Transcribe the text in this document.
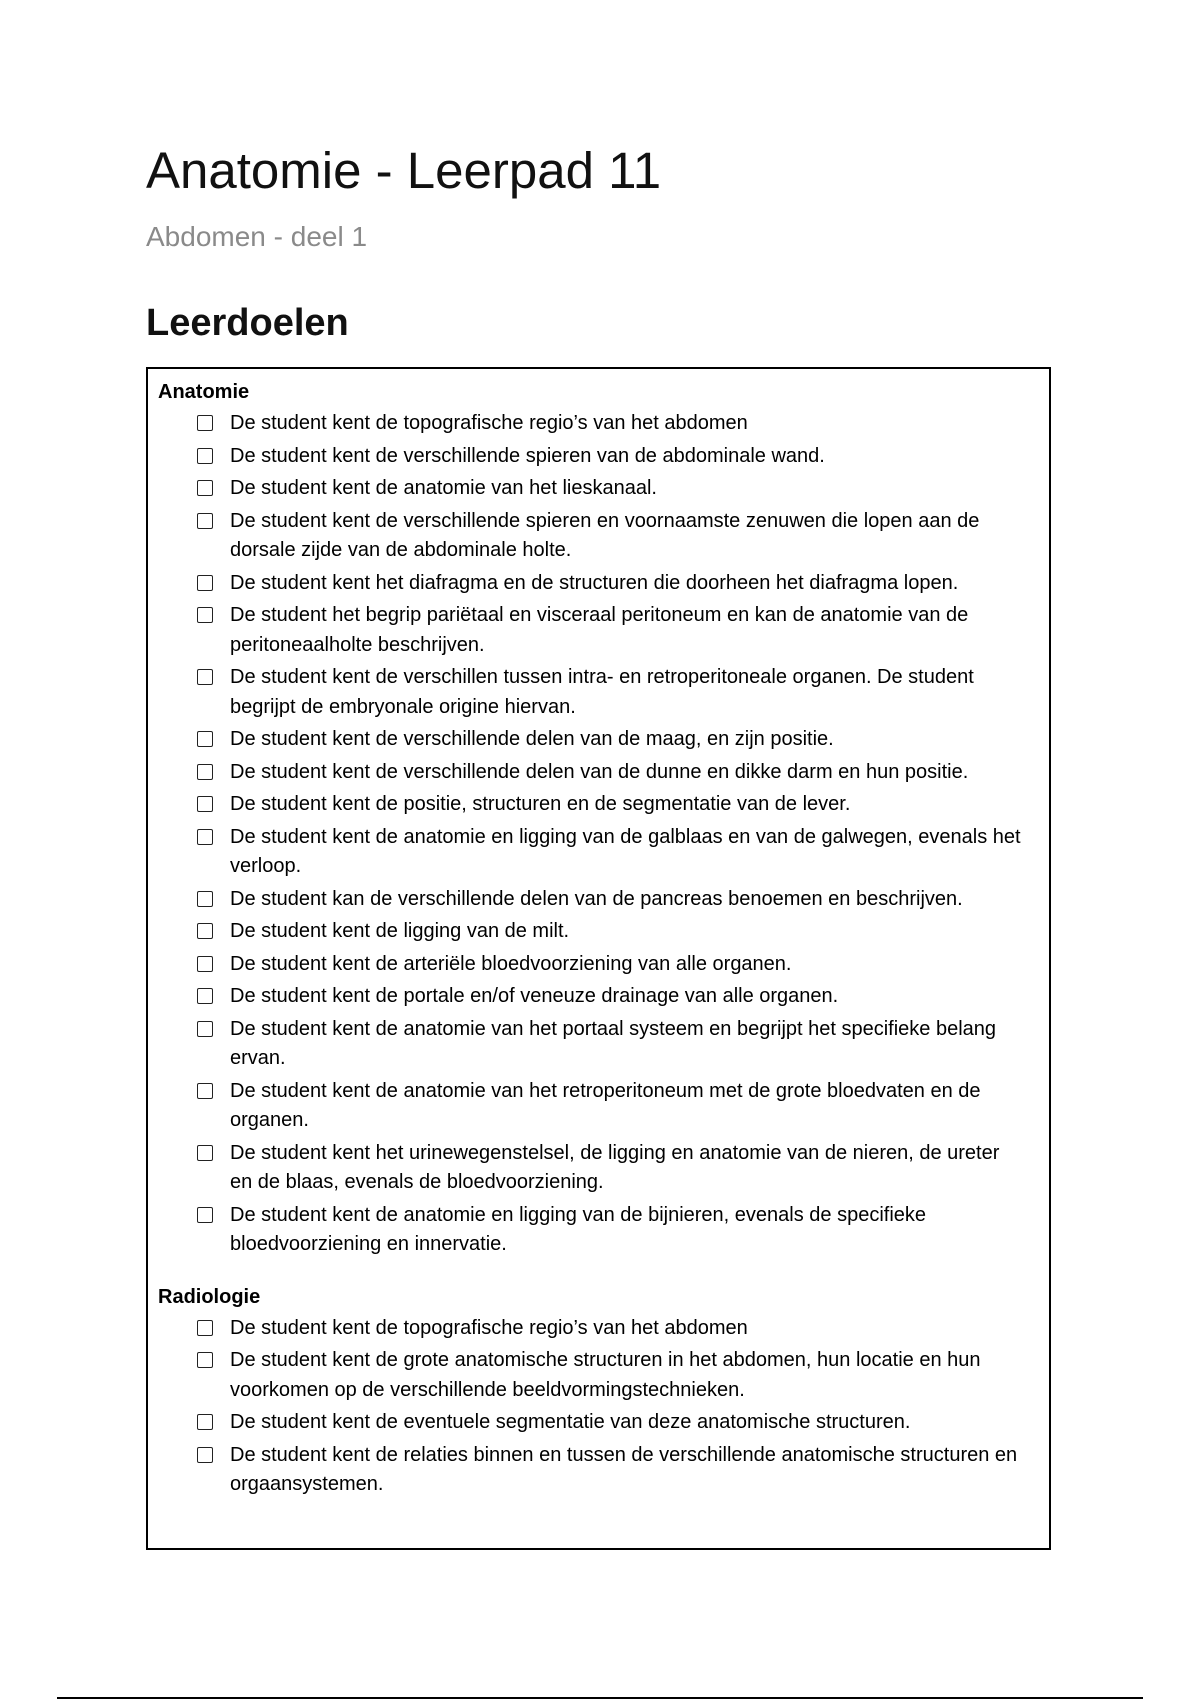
Anatomie - Leerpad 11
Abdomen - deel 1
Leerdoelen
Anatomie
De student kent de topografische regio’s van het abdomen
De student kent de verschillende spieren van de abdominale wand.
De student kent de anatomie van het lieskanaal.
De student kent de verschillende spieren en voornaamste zenuwen die lopen aan de dorsale zijde van de abdominale holte.
De student kent het diafragma en de structuren die doorheen het diafragma lopen.
De student het begrip pariëtaal en visceraal peritoneum en kan de anatomie van de peritoneaalholte beschrijven.
De student kent de verschillen tussen intra- en retroperitoneale organen. De student begrijpt de embryonale origine hiervan.
De student kent de verschillende delen van de maag, en zijn positie.
De student kent de verschillende delen van de dunne en dikke darm en hun positie.
De student kent de positie, structuren en de segmentatie van de lever.
De student kent de anatomie en ligging van de galblaas en van de galwegen, evenals het verloop.
De student kan de verschillende delen van de pancreas benoemen en beschrijven.
De student kent de ligging van de milt.
De student kent de arteriële bloedvoorziening van alle organen.
De student kent de portale en/of veneuze drainage van alle organen.
De student kent de anatomie van het portaal systeem en begrijpt het specifieke belang ervan.
De student kent de anatomie van het retroperitoneum met de grote bloedvaten en de organen.
De student kent het urinewegenstelsel, de ligging en anatomie van de nieren, de ureter en de blaas, evenals de bloedvoorziening.
De student kent de anatomie en ligging van de bijnieren, evenals de specifieke bloedvoorziening en innervatie.
Radiologie
De student kent de topografische regio’s van het abdomen
De student kent de grote anatomische structuren in het abdomen, hun locatie en hun voorkomen op de verschillende beeldvormingstechnieken.
De student kent de eventuele segmentatie van deze anatomische structuren.
De student kent de relaties binnen en tussen de verschillende anatomische structuren en orgaansystemen.
